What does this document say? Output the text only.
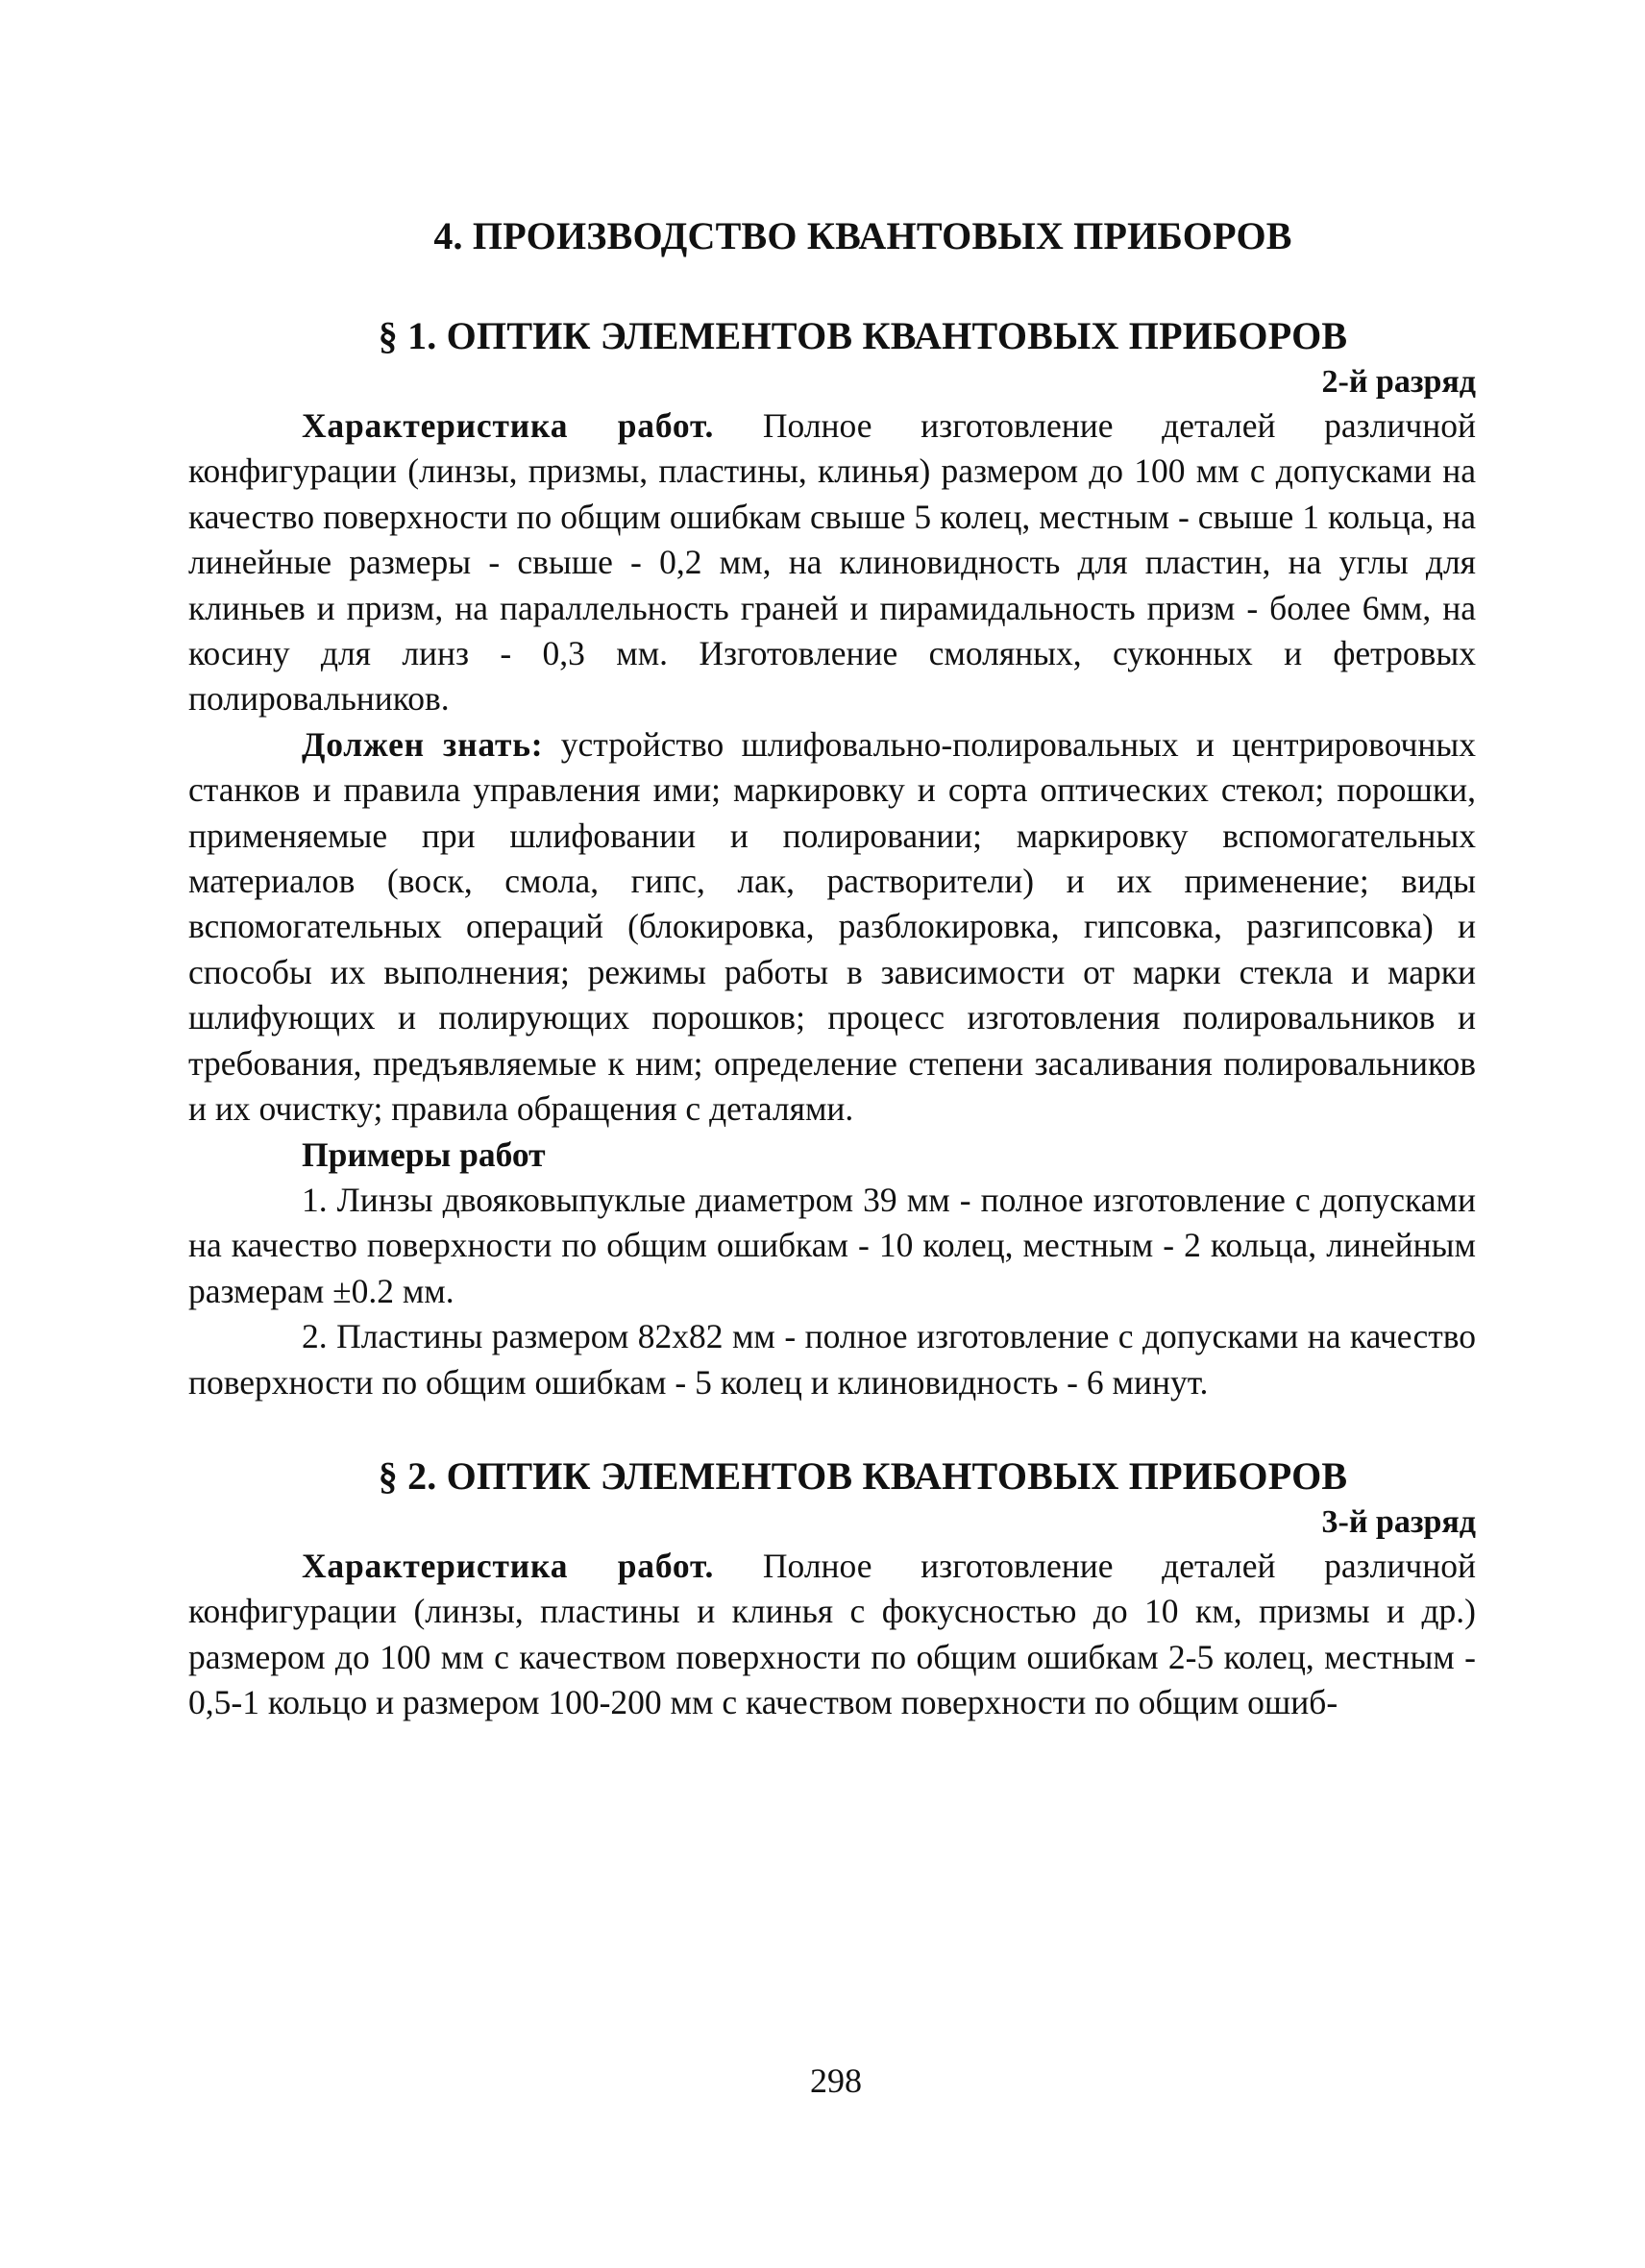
4. ПРОИЗВОДСТВО КВАНТОВЫХ ПРИБОРОВ
§ 1. ОПТИК ЭЛЕМЕНТОВ КВАНТОВЫХ ПРИБОРОВ
2-й разряд

Характеристика работ. Полное изготовление деталей различной конфигурации (линзы, призмы, пластины, клинья) размером до 100 мм с допусками на качество поверхности по общим ошибкам свыше 5 колец, местным - свыше 1 кольца, на линейные размеры - свыше - 0,2 мм, на клиновидность для пластин, на углы для клиньев и призм, на параллельность граней и пирамидальность призм - более 6мм, на косину для линз - 0,3 мм. Изготовление смоляных, суконных и фетровых полировальников.

Должен знать: устройство шлифовально-полировальных и центрировочных станков и правила управления ими; маркировку и сорта оптических стекол; порошки, применяемые при шлифовании и полировании; маркировку вспомогательных материалов (воск, смола, гипс, лак, растворители) и их применение; виды вспомогательных операций (блокировка, разблокировка, гипсовка, разгипсовка) и способы их выполнения; режимы работы в зависимости от марки стекла и марки шлифующих и полирующих порошков; процесс изготовления полировальников и требования, предъявляемые к ним; определение степени засаливания полировальников и их очистку; правила обращения с деталями.

Примеры работ

1. Линзы двояковыпуклые диаметром 39 мм - полное изготовление с допусками на качество поверхности по общим ошибкам - 10 колец, местным - 2 кольца, линейным размерам ±0.2 мм.

2. Пластины размером 82x82 мм - полное изготовление с допусками на качество поверхности по общим ошибкам - 5 колец и клиновидность - 6 минут.

§ 2. ОПТИК ЭЛЕМЕНТОВ КВАНТОВЫХ ПРИБОРОВ
3-й разряд

Характеристика работ. Полное изготовление деталей различной конфигурации (линзы, пластины и клинья с фокусностью до 10 км, призмы и др.) размером до 100 мм с качеством поверхности по общим ошибкам 2-5 колец, местным - 0,5-1 кольцо и размером 100-200 мм с качеством поверхности по общим ошиб-

298
